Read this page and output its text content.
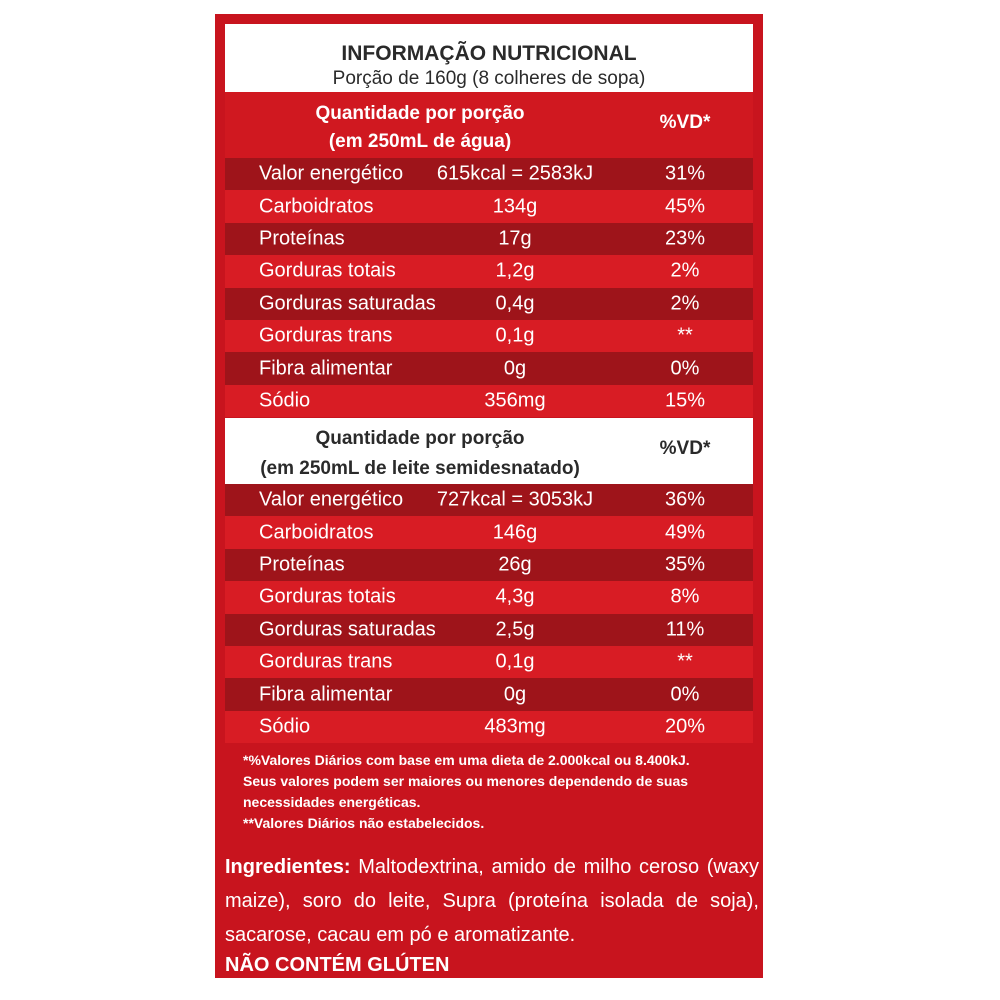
INFORMAÇÃO NUTRICIONAL
Porção de 160g (8 colheres de sopa)
Quantidade por porção
(em 250mL de água)
%VD*
Valor energético	615kcal = 2583kJ	31%
Carboidratos	134g	45%
Proteínas	17g	23%
Gorduras totais	1,2g	2%
Gorduras saturadas	0,4g	2%
Gorduras trans	0,1g	**
Fibra alimentar	0g	0%
Sódio	356mg	15%
Quantidade por porção
(em 250mL de leite semidesnatado)
%VD*
Valor energético	727kcal = 3053kJ	36%
Carboidratos	146g	49%
Proteínas	26g	35%
Gorduras totais	4,3g	8%
Gorduras saturadas	2,5g	11%
Gorduras trans	0,1g	**
Fibra alimentar	0g	0%
Sódio	483mg	20%

*%Valores Diários com base em uma dieta de 2.000kcal ou 8.400kJ.

Seus valores podem ser maiores ou menores dependendo de suas

necessidades energéticas.

**Valores Diários não estabelecidos.

Ingredientes: Maltodextrina, amido de milho ceroso (waxy maize), soro do leite, Supra (proteína isolada de soja), sacarose, cacau em pó e aromatizante.
NÃO CONTÉM GLÚTEN
